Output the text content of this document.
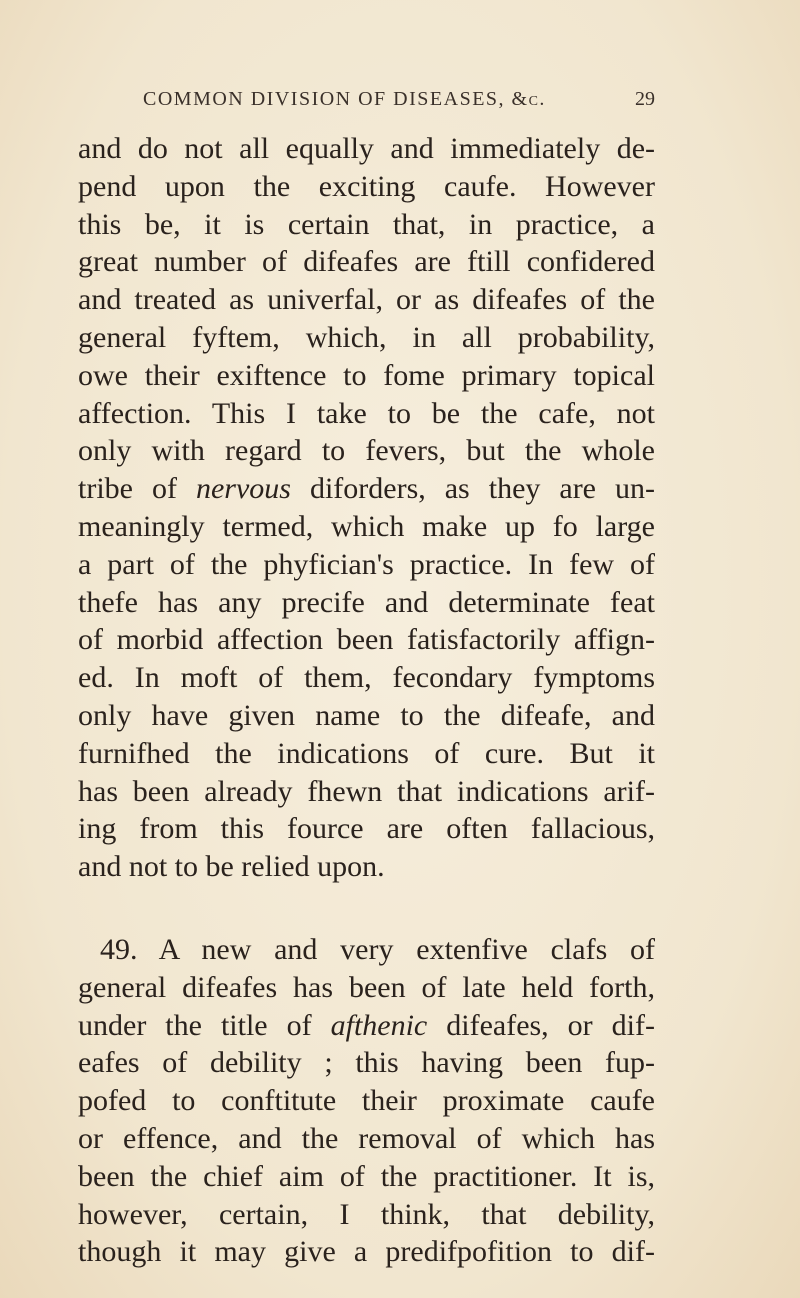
COMMON DIVISION OF DISEASES, &c.	29
and do not all equally and immediately de-
pend upon the exciting caufe. However
this be, it is certain that, in practice, a
great number of difeafes are ftill confidered
and treated as univerfal, or as difeafes of the
general fyftem, which, in all probability,
owe their exiftence to fome primary topical
affection. This I take to be the cafe, not
only with regard to fevers, but the whole
tribe of nervous diforders, as they are un-
meaningly termed, which make up fo large
a part of the phyfician's practice. In few of
thefe has any precife and determinate feat
of morbid affection been fatisfactorily affign-
ed. In moft of them, fecondary fymptoms
only have given name to the difeafe, and
furnifhed the indications of cure. But it
has been already fhewn that indications arif-
ing from this fource are often fallacious,
and not to be relied upon.
49. A new and very extenfive clafs of
general difeafes has been of late held forth,
under the title of afthenic difeafes, or dif-
eafes of debility ; this having been fup-
pofed to conftitute their proximate caufe
or effence, and the removal of which has
been the chief aim of the practitioner. It is,
however, certain, I think, that debility,
though it may give a predifpofition to dif-
